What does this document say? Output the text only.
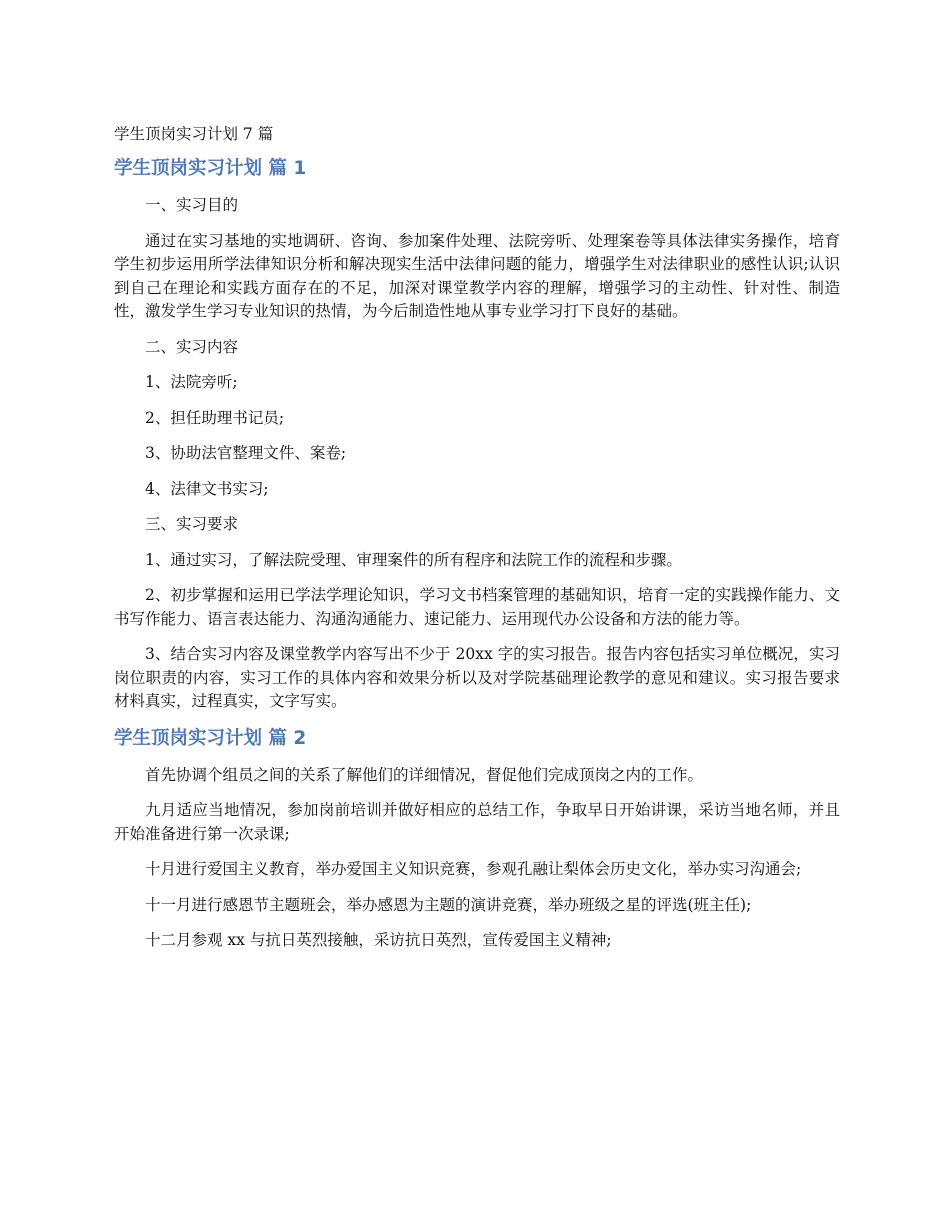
学生顶岗实习计划 7 篇
学生顶岗实习计划 篇 1

一、实习目的

通过在实习基地的实地调研、咨询、参加案件处理、法院旁听、处理案卷等具体法律实务操作，培育学生初步运用所学法律知识分析和解决现实生活中法律问题的能力，增强学生对法律职业的感性认识;认识到自己在理论和实践方面存在的不足，加深对课堂教学内容的理解，增强学习的主动性、针对性、制造性，激发学生学习专业知识的热情，为今后制造性地从事专业学习打下良好的基础。

二、实习内容

1、法院旁听;

2、担任助理书记员;

3、协助法官整理文件、案卷;

4、法律文书实习;

三、实习要求

1、通过实习，了解法院受理、审理案件的所有程序和法院工作的流程和步骤。

2、初步掌握和运用已学法学理论知识，学习文书档案管理的基础知识，培育一定的实践操作能力、文书写作能力、语言表达能力、沟通沟通能力、速记能力、运用现代办公设备和方法的能力等。

3、结合实习内容及课堂教学内容写出不少于 20xx 字的实习报告。报告内容包括实习单位概况，实习岗位职责的内容，实习工作的具体内容和效果分析以及对学院基础理论教学的意见和建议。实习报告要求材料真实，过程真实，文字写实。

学生顶岗实习计划 篇 2

首先协调个组员之间的关系了解他们的详细情况，督促他们完成顶岗之内的工作。

九月适应当地情况，参加岗前培训并做好相应的总结工作，争取早日开始讲课，采访当地名师，并且开始准备进行第一次录课;

十月进行爱国主义教育，举办爱国主义知识竞赛，参观孔融让梨体会历史文化，举办实习沟通会;

十一月进行感恩节主题班会，举办感恩为主题的演讲竞赛，举办班级之星的评选(班主任);

十二月参观 xx 与抗日英烈接触，采访抗日英烈，宣传爱国主义精神;
